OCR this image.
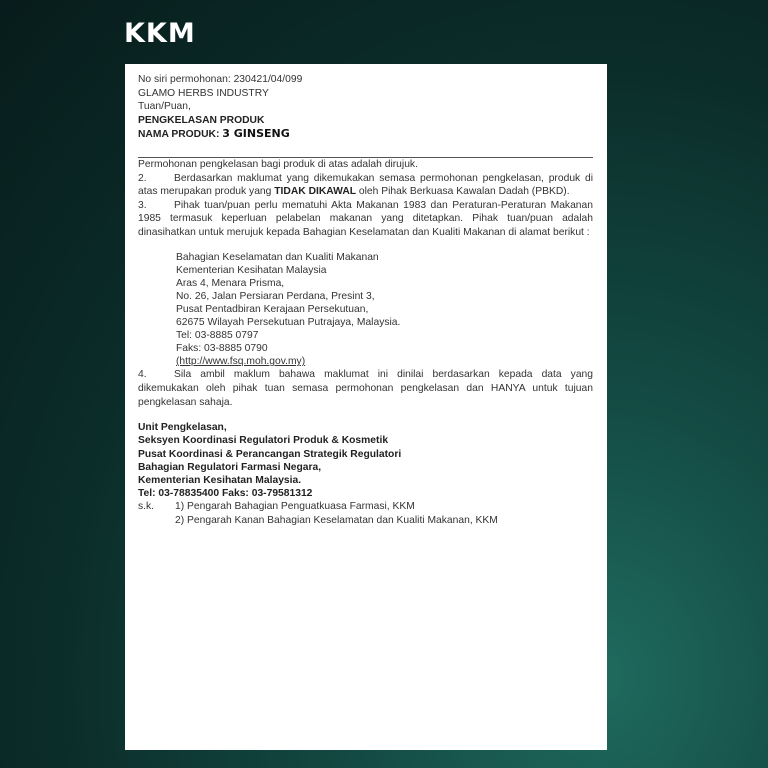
KKM

No siri permohonan: 230421/04/099

GLAMO HERBS INDUSTRY

Tuan/Puan,

PENGKELASAN PRODUK

NAMA PRODUK: 3 GINSENG

Permohonan pengkelasan bagi produk di atas adalah dirujuk.

2.	Berdasarkan maklumat yang dikemukakan semasa permohonan pengkelasan, produk di atas merupakan produk yang TIDAK DIKAWAL oleh Pihak Berkuasa Kawalan Dadah (PBKD).

3.	Pihak tuan/puan perlu mematuhi Akta Makanan 1983 dan Peraturan-Peraturan Makanan 1985 termasuk keperluan pelabelan makanan yang ditetapkan. Pihak tuan/puan adalah dinasihatkan untuk merujuk kepada Bahagian Keselamatan dan Kualiti Makanan di alamat berikut :

Bahagian Keselamatan dan Kualiti Makanan
Kementerian Kesihatan Malaysia
Aras 4, Menara Prisma,
No. 26, Jalan Persiaran Perdana, Presint 3,
Pusat Pentadbiran Kerajaan Persekutuan,
62675 Wilayah Persekutuan Putrajaya, Malaysia.
Tel: 03-8885 0797
Faks: 03-8885 0790
(http://www.fsq.moh.gov.my)

4.	Sila ambil maklum bahawa maklumat ini dinilai berdasarkan kepada data yang dikemukakan oleh pihak tuan semasa permohonan pengkelasan dan HANYA untuk tujuan pengkelasan sahaja.

Unit Pengkelasan,
Seksyen Koordinasi Regulatori Produk & Kosmetik
Pusat Koordinasi & Perancangan Strategik Regulatori
Bahagian Regulatori Farmasi Negara,
Kementerian Kesihatan Malaysia.
Tel: 03-78835400 Faks: 03-79581312
s.k. 1) Pengarah Bahagian Penguatkuasa Farmasi, KKM
2) Pengarah Kanan Bahagian Keselamatan dan Kualiti Makanan, KKM
